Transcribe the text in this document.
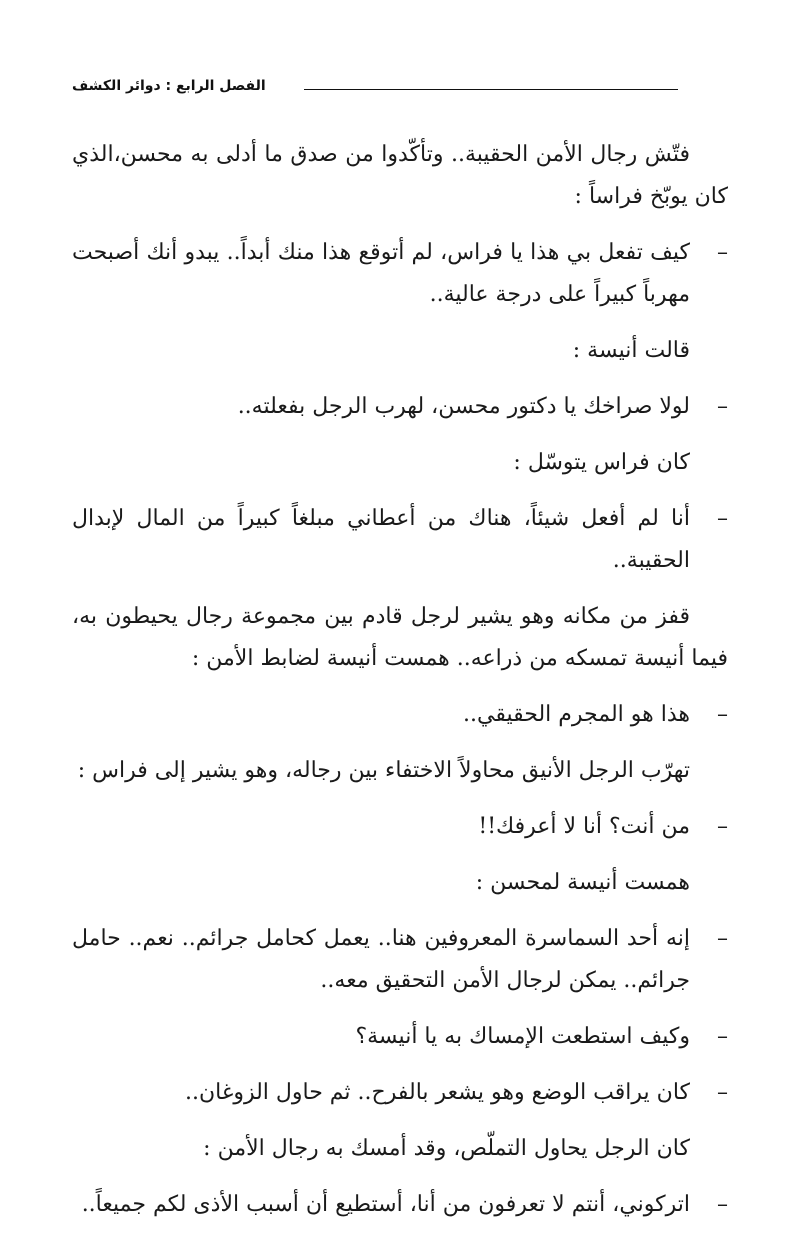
الفصل الرابع : دوائر الكشف

فتّش رجال الأمن الحقيبة.. وتأكّدوا من صدق ما أدلى به محسن،الذي كان يوبّخ فراساً :

–
كيف تفعل بي هذا يا فراس، لم أتوقع هذا منك أبداً.. يبدو أنك أصبحت مهرباً كبيراً على درجة عالية..

قالت أنيسة :

–
لولا صراخك يا دكتور محسن، لهرب الرجل بفعلته..

كان فراس يتوسّل :

–
أنا لم أفعل شيئاً، هناك من أعطاني مبلغاً كبيراً من المال لإبدال الحقيبة..

قفز من مكانه وهو يشير لرجل قادم بين مجموعة رجال يحيطون به، فيما أنيسة تمسكه من ذراعه.. همست أنيسة لضابط الأمن :

–
هذا هو المجرم الحقيقي..

تهرّب الرجل الأنيق محاولاً الاختفاء بين رجاله، وهو يشير إلى فراس :

–
من أنت؟ أنا لا أعرفك!!

همست أنيسة لمحسن :

–
إنه أحد السماسرة المعروفين هنا.. يعمل كحامل جرائم.. نعم.. حامل جرائم.. يمكن لرجال الأمن التحقيق معه..

–
وكيف استطعت الإمساك به يا أنيسة؟

–
كان يراقب الوضع وهو يشعر بالفرح.. ثم حاول الزوغان..

كان الرجل يحاول التملّص، وقد أمسك به رجال الأمن :

–
اتركوني، أنتم لا تعرفون من أنا، أستطيع أن أسبب الأذى لكم جميعاً..
